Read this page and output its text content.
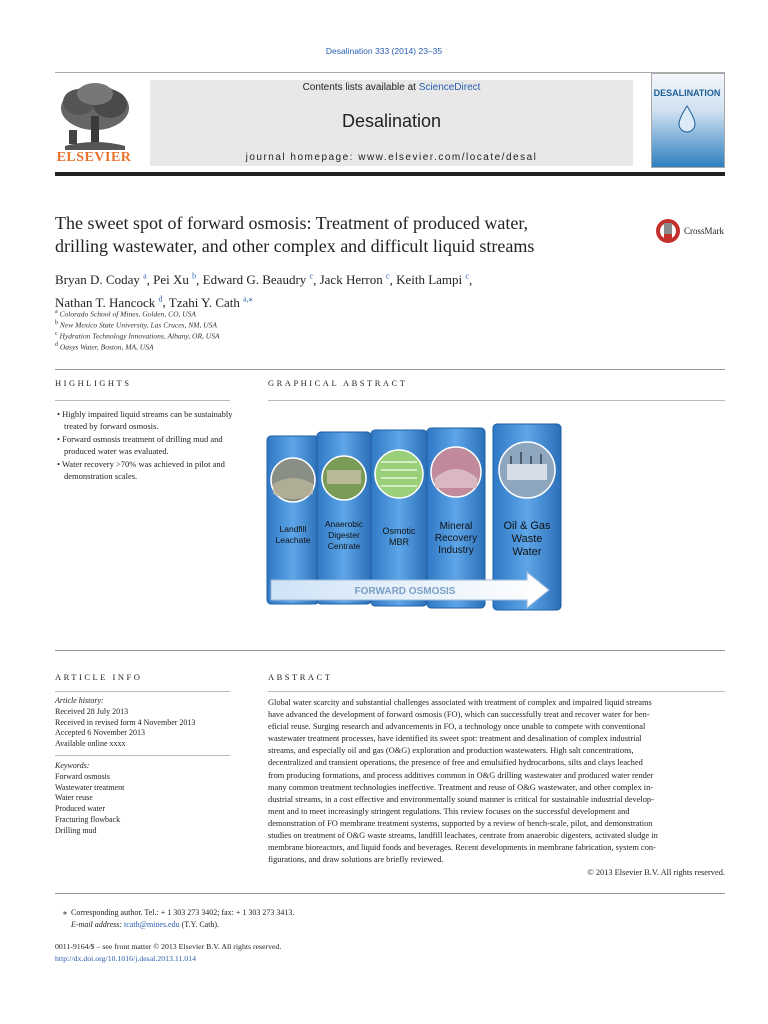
Desalination 333 (2014) 23–35
Contents lists available at ScienceDirect
Desalination
journal homepage: www.elsevier.com/locate/desal
ELSEVIER
DESALINATION
The sweet spot of forward osmosis: Treatment of produced water,
drilling wastewater, and other complex and difficult liquid streams
CrossMark
Bryan D. Coday $^a$, Pei Xu $^b$, Edward G. Beaudry $^c$, Jack Herron $^c$, Keith Lampi $^c$,
Nathan T. Hancock $^d$, Tzahi Y. Cath $^{a,⁎}$
$^a$ Colorado School of Mines, Golden, CO, USA
$^b$ New Mexico State University, Las Cruces, NM, USA
$^c$ Hydration Technology Innovations, Albany, OR, USA
$^d$ Oasys Water, Boston, MA, USA
HIGHLIGHTS
• Highly impaired liquid streams can be sustainably treated by forward osmosis.
• Forward osmosis treatment of drilling mud and produced water was evaluated.
• Water recovery >70% was achieved in pilot and demonstration scales.
GRAPHICAL ABSTRACT
Landfill
Leachate
Anaerobic
Digester
Centrate
Osmotic
MBR
Mineral
Recovery
Industry
Oil & Gas
Waste
Water
FORWARD OSMOSIS
ARTICLE INFO
Article history:
Received 28 July 2013
Received in revised form 4 November 2013
Accepted 6 November 2013
Available online xxxx
Keywords:
Forward osmosis
Wastewater treatment
Water reuse
Produced water
Fracturing flowback
Drilling mud
ABSTRACT
Global water scarcity and substantial challenges associated with treatment of complex and impaired liquid streams
have advanced the development of forward osmosis (FO), which can successfully treat and recover water for ben-
eficial reuse. Surging research and advancements in FO, a technology once unable to compete with conventional
wastewater treatment processes, have identified its sweet spot: treatment and desalination of complex industrial
streams, and especially oil and gas (O&G) exploration and production wastewaters. High salt concentrations,
decentralized and transient operations, the presence of free and emulsified hydrocarbons, silts and clays leached
from producing formations, and process additives common in O&G drilling wastewater and produced water render
many common treatment technologies ineffective. Treatment and reuse of O&G wastewater, and other complex in-
dustrial streams, in a cost effective and environmentally sound manner is critical for sustainable industrial develop-
ment and to meet increasingly stringent regulations. This review focuses on the successful development and
demonstration of FO membrane treatment systems, supported by a review of bench-scale, pilot, and demonstration
studies on treatment of O&G waste streams, landfill leachates, centrate from anaerobic digesters, activated sludge in
membrane bioreactors, and liquid foods and beverages. Recent developments in membrane fabrication, system con-
figurations, and draw solutions are briefly reviewed.
© 2013 Elsevier B.V. All rights reserved.
⁎ Corresponding author. Tel.: + 1 303 273 3402; fax: + 1 303 273 3413.
E-mail address: tcath@mines.edu (T.Y. Cath).
0011-9164/$ – see front matter © 2013 Elsevier B.V. All rights reserved.
http://dx.doi.org/10.1016/j.desal.2013.11.014
